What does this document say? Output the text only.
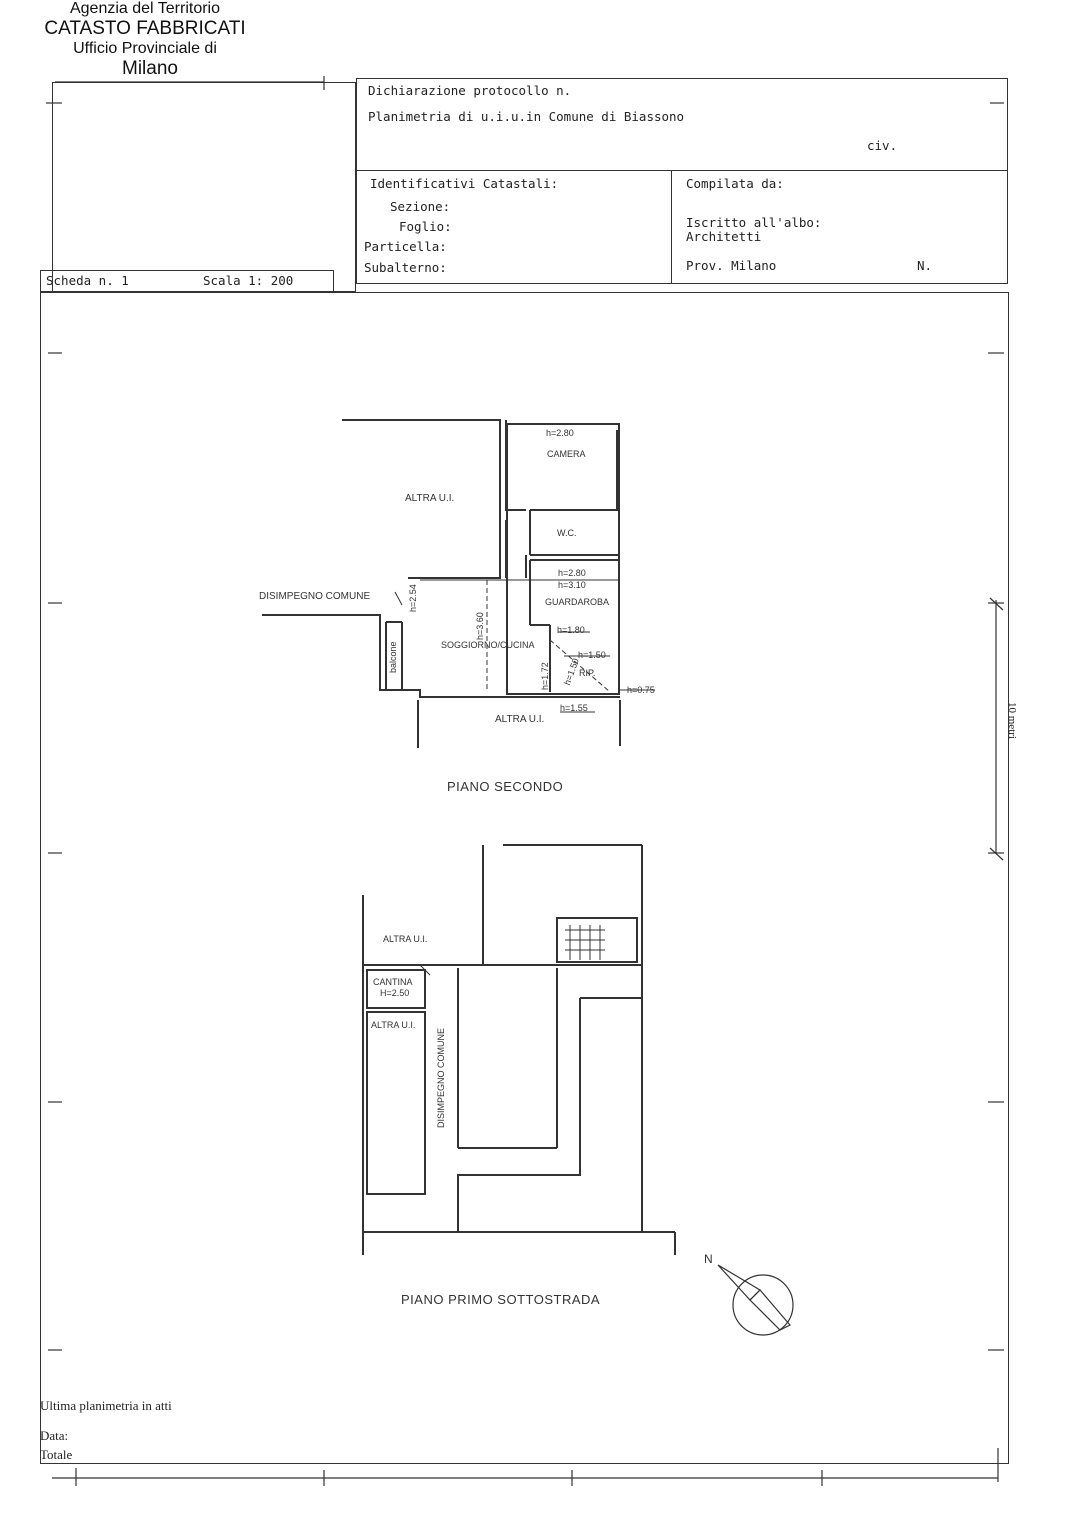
Agenzia del Territorio
CATASTO FABBRICATI
Ufficio Provinciale di
Milano
Dichiarazione protocollo n.
Planimetria di u.i.u.in Comune di Biassono
civ.
Identificativi Catastali:
Sezione:
Foglio:
Particella:
Subalterno:
Compilata da:
Iscritto all'albo:
Architetti
Prov. Milano	N.
Scheda n. 1	Scala 1: 200
ALTRA U.I.
h=2.80
CAMERA
W.C.
h=2.80
h=3.10
GUARDAROBA
DISIMPEGNO COMUNE	h=2.54
h=3.60
SOGGIORNO/CUCINA
balcone
h=1.80
h=1.50
h=1.50
h=1.72	RIP.
h=0.75
h=1.55
ALTRA U.I.
PIANO SECONDO
ALTRA U.I.
CANTINA
H=2.50
ALTRA U.I.
DISIMPEGNO COMUNE
PIANO PRIMO SOTTOSTRADA
10 metri
N
Ultima planimetria in atti
Data:
Totale
